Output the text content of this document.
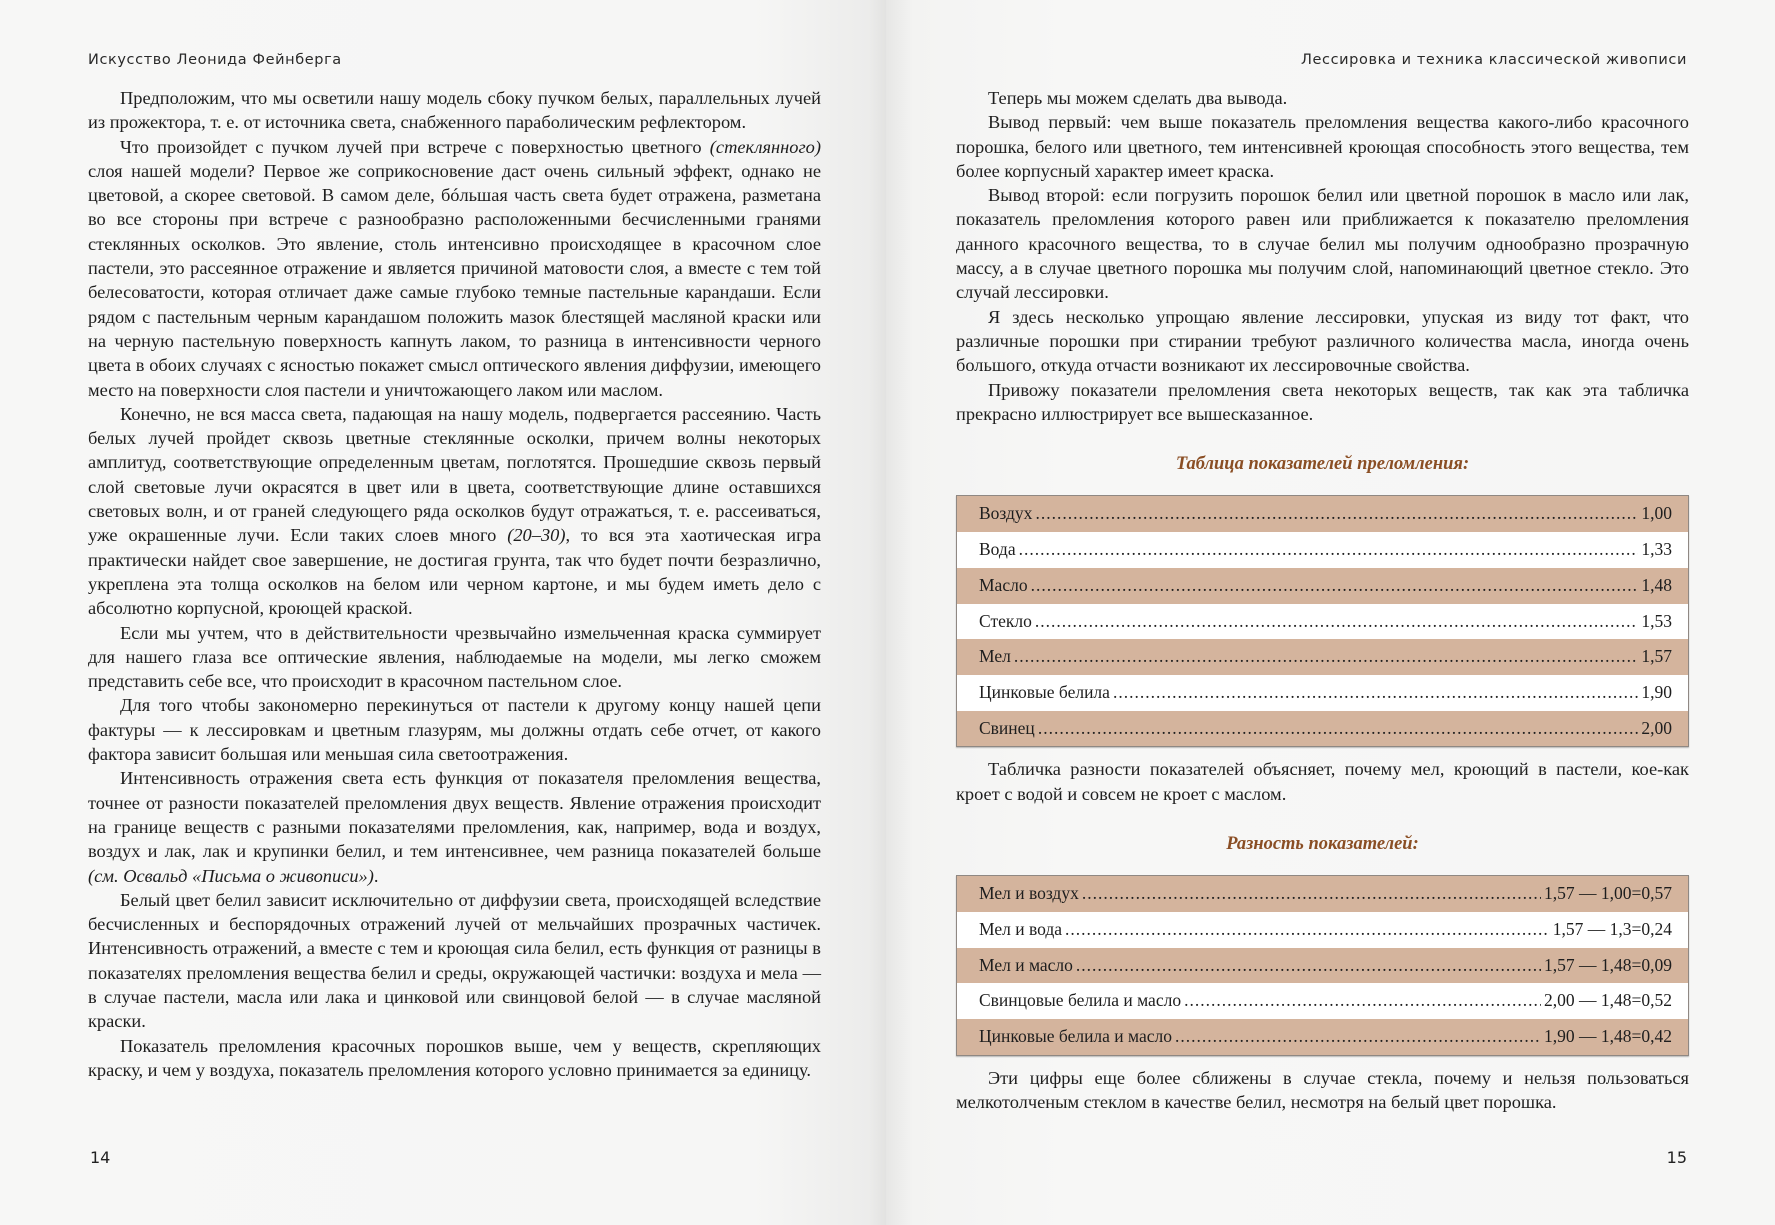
Искусство Леонида Фейнберга

Предположим, что мы осветили нашу модель сбоку пучком белых, параллельных лучей из прожектора, т. е. от источника света, снабженного параболическим рефлектором.

Что произойдет с пучком лучей при встрече с поверхностью цветного (стеклянного) слоя нашей модели? Первое же соприкосновение даст очень сильный эффект, однако не цветовой, а скорее световой. В самом деле, бóльшая часть света будет отражена, разметана во все стороны при встрече с разнообразно расположенными бесчисленными гранями стеклянных осколков. Это явление, столь интенсивно происходящее в красочном слое пастели, это рассеянное отражение и является причиной матовости слоя, а вместе с тем той белесоватости, которая отличает даже самые глубоко темные пастельные карандаши. Если рядом с пастельным черным карандашом положить мазок блестящей масляной краски или на черную пастельную поверхность капнуть лаком, то разница в интенсивности черного цвета в обоих случаях с ясностью покажет смысл оптического явления диффузии, имеющего место на поверхности слоя пастели и уничтожающего лаком или маслом.

Конечно, не вся масса света, падающая на нашу модель, подвергается рассеянию. Часть белых лучей пройдет сквозь цветные стеклянные осколки, причем волны некоторых амплитуд, соответствующие определенным цветам, поглотятся. Прошедшие сквозь первый слой световые лучи окрасятся в цвет или в цвета, соответствующие длине оставшихся световых волн, и от граней следующего ряда осколков будут отражаться, т. е. рассеиваться, уже окрашенные лучи. Если таких слоев много (20–30), то вся эта хаотическая игра практически найдет свое завершение, не достигая грунта, так что будет почти безразлично, укреплена эта толща осколков на белом или черном картоне, и мы будем иметь дело с абсолютно корпусной, кроющей краской.

Если мы учтем, что в действительности чрезвычайно измельченная краска суммирует для нашего глаза все оптические явления, наблюдаемые на модели, мы легко сможем представить себе все, что происходит в красочном пастельном слое.

Для того чтобы закономерно перекинуться от пастели к другому концу нашей цепи фактуры — к лессировкам и цветным глазурям, мы должны отдать себе отчет, от какого фактора зависит большая или меньшая сила светоотражения.

Интенсивность отражения света есть функция от показателя преломления вещества, точнее от разности показателей преломления двух веществ. Явление отражения происходит на границе веществ с разными показателями преломления, как, например, вода и воздух, воздух и лак, лак и крупинки белил, и тем интенсивнее, чем разница показателей больше (см. Освальд «Письма о живописи»).

Белый цвет белил зависит исключительно от диффузии света, происходящей вследствие бесчисленных и беспорядочных отражений лучей от мельчайших прозрачных частичек. Интенсивность отражений, а вместе с тем и кроющая сила белил, есть функция от разницы в показателях преломления вещества белил и среды, окружающей частички: воздуха и мела — в случае пастели, масла или лака и цинковой или свинцовой белой — в случае масляной краски.

Показатель преломления красочных порошков выше, чем у веществ, скрепляющих краску, и чем у воздуха, показатель преломления которого условно принимается за единицу.

14
Лессировка и техника классической живописи

Теперь мы можем сделать два вывода.

Вывод первый: чем выше показатель преломления вещества какого-либо красочного порошка, белого или цветного, тем интенсивней кроющая способность этого вещества, тем более корпусный характер имеет краска.

Вывод второй: если погрузить порошок белил или цветной порошок в масло или лак, показатель преломления которого равен или приближается к показателю преломления данного красочного вещества, то в случае белил мы получим однообразно прозрачную массу, а в случае цветного порошка мы получим слой, напоминающий цветное стекло. Это случай лессировки.

Я здесь несколько упрощаю явление лессировки, упуская из виду тот факт, что различные порошки при стирании требуют различного количества масла, иногда очень большого, откуда отчасти возникают их лессировочные свойства.

Привожу показатели преломления света некоторых веществ, так как эта табличка прекрасно иллюстрирует все вышесказанное.

Таблица показателей преломления:
Воздух .....	1,00
Вода .....	1,33
Масло .....	1,48
Стекло .....	1,53
Мел .....	1,57
Цинковые белила .....	1,90
Свинец .....	2,00

Табличка разности показателей объясняет, почему мел, кроющий в пастели, кое-как кроет с водой и совсем не кроет с маслом.

Разность показателей:
Мел и воздух .....	1,57 — 1,00=0,57
Мел и вода .....	1,57 — 1,3=0,24
Мел и масло .....	1,57 — 1,48=0,09
Свинцовые белила и масло .....	2,00 — 1,48=0,52
Цинковые белила и масло .....	1,90 — 1,48=0,42

Эти цифры еще более сближены в случае стекла, почему и нельзя пользоваться мелкотолченым стеклом в качестве белил, несмотря на белый цвет порошка.

15
